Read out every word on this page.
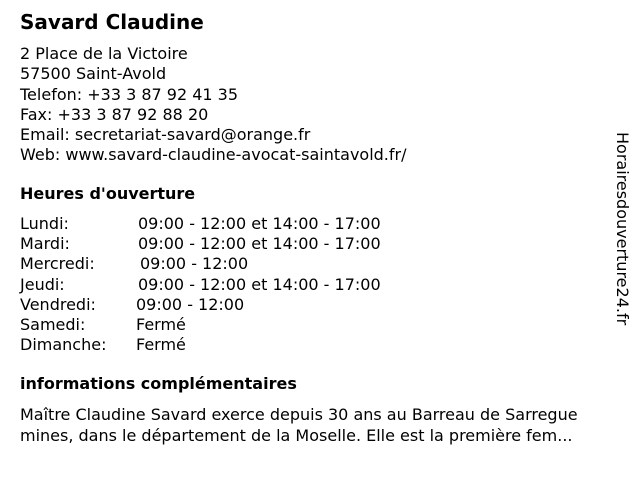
Savard Claudine
2 Place de la Victoire
57500 Saint-Avold
Telefon: +33 3 87 92 41 35
Fax: +33 3 87 92 88 20
Email: secretariat-savard@orange.fr
Web: www.savard-claudine-avocat-saintavold.fr/
Heures d'ouverture
Lundi:	09:00 - 12:00 et 14:00 - 17:00
Mardi:	09:00 - 12:00 et 14:00 - 17:00
Mercredi:	09:00 - 12:00
Jeudi:	09:00 - 12:00 et 14:00 - 17:00
Vendredi:	09:00 - 12:00
Samedi:	Fermé
Dimanche:	Fermé
informations complémentaires
Maître Claudine Savard exerce depuis 30 ans au Barreau de Sarregue
mines, dans le département de la Moselle. Elle est la première fem...
Horairesdouverture24.fr
